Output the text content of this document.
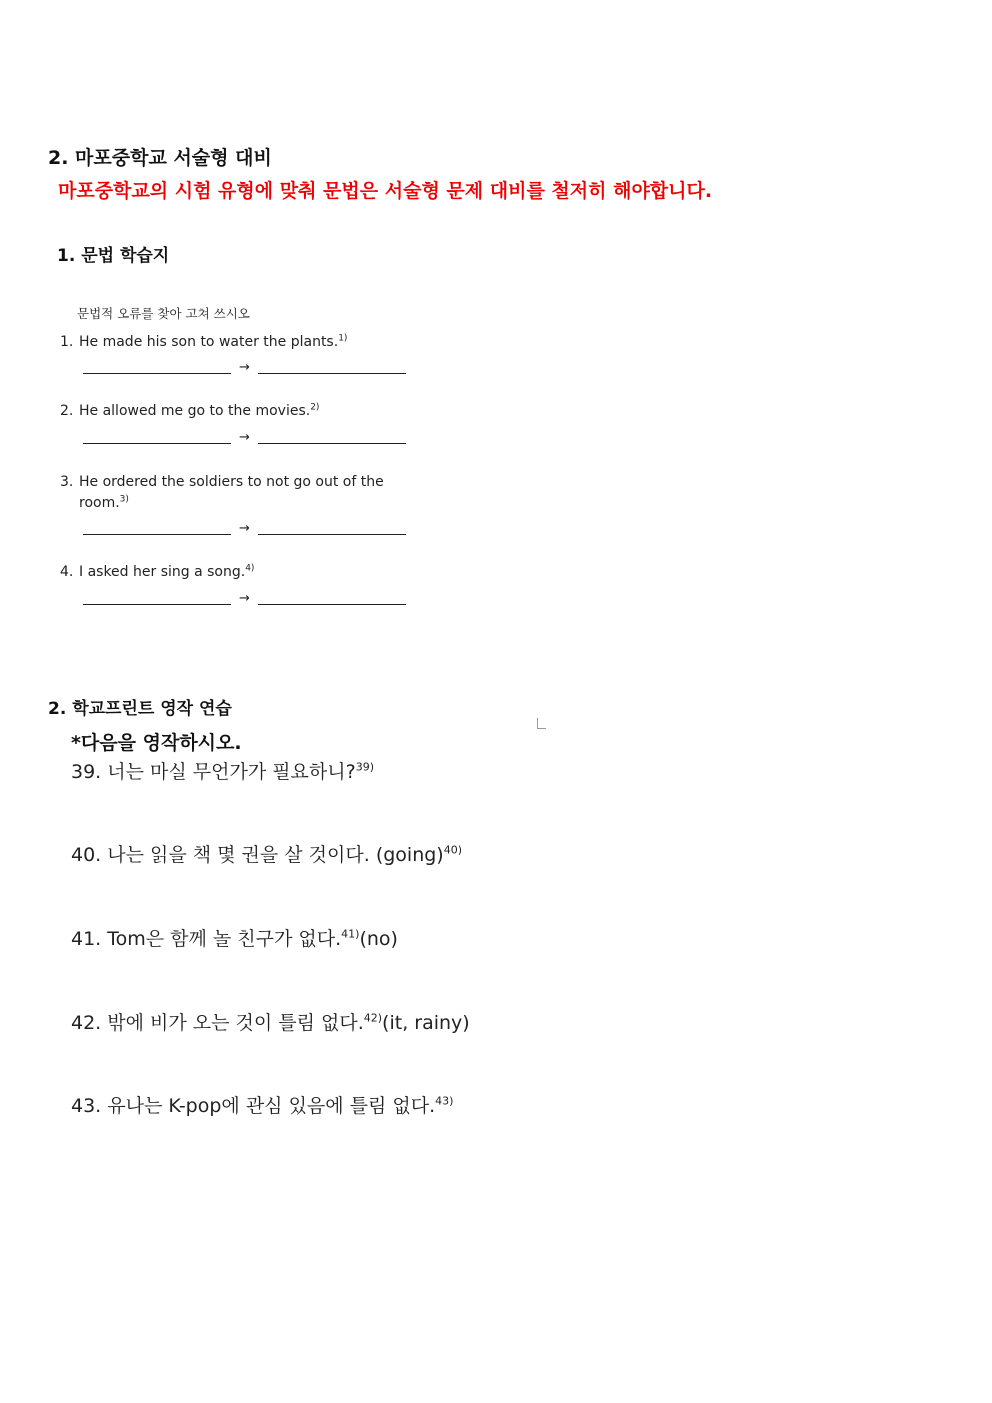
2. 마포중학교 서술형 대비
마포중학교의 시험 유형에 맞춰 문법은 서술형 문제 대비를 철저히 해야합니다.
1. 문법 학습지
문법적 오류를 찾아 고쳐 쓰시오
1. He made his son to water the plants.$^{1)}$
→
2. He allowed me go to the movies.$^{2)}$
→
3. He ordered the soldiers to not go out of the
room.$^{3)}$
→
4. I asked her sing a song.$^{4)}$
→
2. 학교프린트 영작 연습
*다음을 영작하시오.
39. 너는 마실 무언가가 필요하니?$^{39)}$
40. 나는 읽을 책 몇 권을 살 것이다. (going)$^{40)}$
41. Tom은 함께 놀 친구가 없다.$^{41)}$(no)
42. 밖에 비가 오는 것이 틀림 없다.$^{42)}$(it, rainy)
43. 유나는 K-pop에 관심 있음에 틀림 없다.$^{43)}$
